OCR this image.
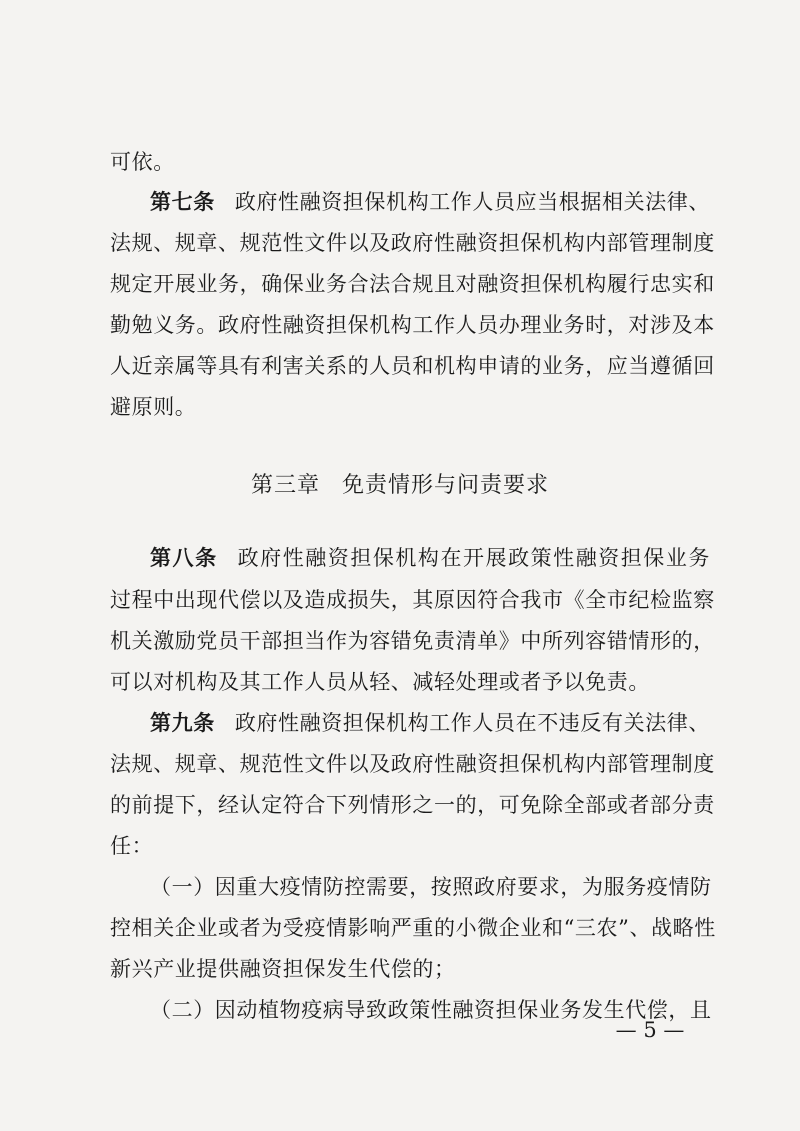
可依。
第七条 政府性融资担保机构工作人员应当根据相关法律、
法规、规章、规范性文件以及政府性融资担保机构内部管理制度
规定开展业务，确保业务合法合规且对融资担保机构履行忠实和
勤勉义务。政府性融资担保机构工作人员办理业务时，对涉及本
人近亲属等具有利害关系的人员和机构申请的业务，应当遵循回
避原则。
第三章 免责情形与问责要求
第八条 政府性融资担保机构在开展政策性融资担保业务
过程中出现代偿以及造成损失，其原因符合我市《全市纪检监察
机关激励党员干部担当作为容错免责清单》中所列容错情形的，
可以对机构及其工作人员从轻、减轻处理或者予以免责。
第九条 政府性融资担保机构工作人员在不违反有关法律、
法规、规章、规范性文件以及政府性融资担保机构内部管理制度
的前提下，经认定符合下列情形之一的，可免除全部或者部分责
任：
（一）因重大疫情防控需要，按照政府要求，为服务疫情防
控相关企业或者为受疫情影响严重的小微企业和“三农”、战略性
新兴产业提供融资担保发生代偿的；
（二）因动植物疫病导致政策性融资担保业务发生代偿，且
— 5 —
